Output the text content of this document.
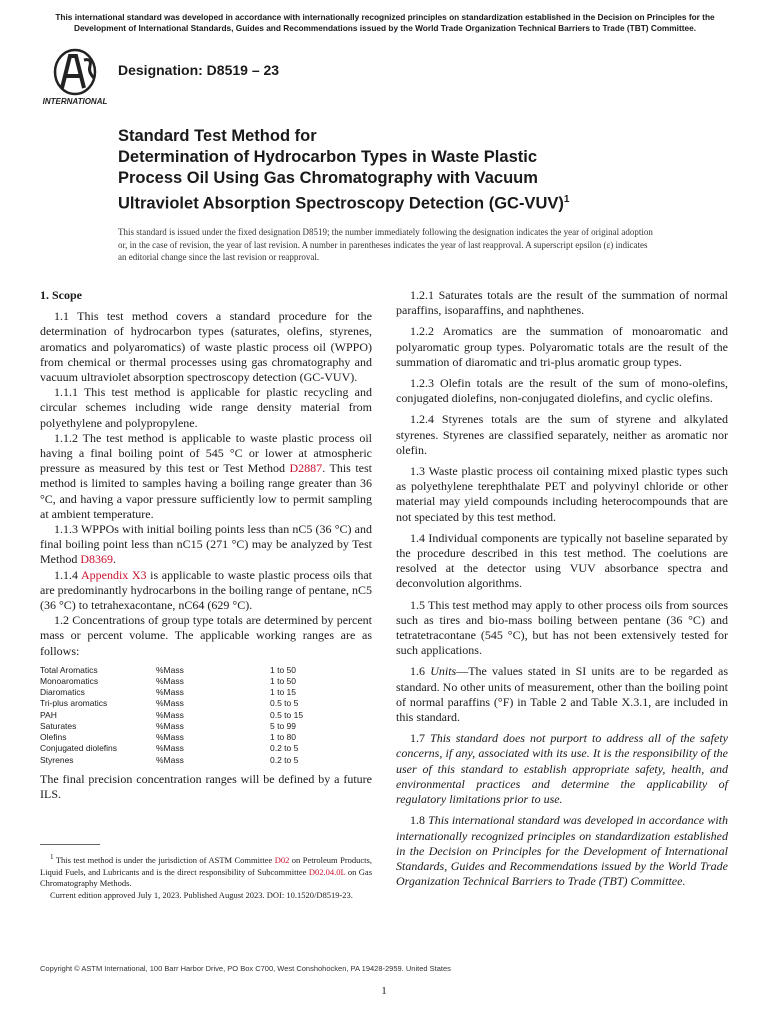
This international standard was developed in accordance with internationally recognized principles on standardization established in the Decision on Principles for the Development of International Standards, Guides and Recommendations issued by the World Trade Organization Technical Barriers to Trade (TBT) Committee.
INTERNATIONAL
Designation: D8519 – 23
Standard Test Method for
Determination of Hydrocarbon Types in Waste Plastic
Process Oil Using Gas Chromatography with Vacuum
Ultraviolet Absorption Spectroscopy Detection $(GC-VUV)^1$
This standard is issued under the fixed designation D8519; the number immediately following the designation indicates the year of original adoption or, in the case of revision, the year of last revision. A number in parentheses indicates the year of last reapproval. A superscript epsilon (ε) indicates an editorial change since the last revision or reapproval.
1. Scope

1.1 This test method covers a standard procedure for the determination of hydrocarbon types (saturates, olefins, styrenes, aromatics and polyaromatics) of waste plastic process oil (WPPO) from chemical or thermal processes using gas chromatography and vacuum ultraviolet absorption spectroscopy detection (GC-VUV).

1.1.1 This test method is applicable for plastic recycling and circular schemes including wide range density material from polyethylene and polypropylene.

1.1.2 The test method is applicable to waste plastic process oil having a final boiling point of 545 °C or lower at atmospheric pressure as measured by this test or Test Method D2887. This test method is limited to samples having a boiling range greater than 36 °C, and having a vapor pressure sufficiently low to permit sampling at ambient temperature.

1.1.3 WPPOs with initial boiling points less than nC5 (36 °C) and final boiling point less than nC15 (271 °C) may be analyzed by Test Method D8369.

1.1.4 Appendix X3 is applicable to waste plastic process oils that are predominantly hydrocarbons in the boiling range of pentane, nC5 (36 °C) to tetrahexacontane, nC64 (629 °C).

1.2 Concentrations of group type totals are determined by percent mass or percent volume. The applicable working ranges are as follows:

Total Aromatics	%Mass	1 to 50
Monoaromatics	%Mass	1 to 50
Diaromatics	%Mass	1 to 15
Tri-plus aromatics	%Mass	0.5 to 5
PAH	%Mass	0.5 to 15
Saturates	%Mass	5 to 99
Olefins	%Mass	1 to 80
Conjugated diolefins	%Mass	0.2 to 5
Styrenes	%Mass	0.2 to 5

The final precision concentration ranges will be defined by a future ILS.

1.2.1 Saturates totals are the result of the summation of normal paraffins, isoparaffins, and naphthenes.

1.2.2 Aromatics are the summation of monoaromatic and polyaromatic group types. Polyaromatic totals are the result of the summation of diaromatic and tri-plus aromatic group types.

1.2.3 Olefin totals are the result of the sum of mono-olefins, conjugated diolefins, non-conjugated diolefins, and cyclic olefins.

1.2.4 Styrenes totals are the sum of styrene and alkylated styrenes. Styrenes are classified separately, neither as aromatic nor olefin.

1.3 Waste plastic process oil containing mixed plastic types such as polyethylene terephthalate PET and polyvinyl chloride or other material may yield compounds including heterocompounds that are not speciated by this test method.

1.4 Individual components are typically not baseline separated by the procedure described in this test method. The coelutions are resolved at the detector using VUV absorbance spectra and deconvolution algorithms.

1.5 This test method may apply to other process oils from sources such as tires and bio-mass boiling between pentane (36 °C) and tetratetracontane (545 °C), but has not been extensively tested for such applications.

1.6 Units—The values stated in SI units are to be regarded as standard. No other units of measurement, other than the boiling point of normal paraffins (°F) in Table 2 and Table X.3.1, are included in this standard.

1.7 This standard does not purport to address all of the safety concerns, if any, associated with its use. It is the responsibility of the user of this standard to establish appropriate safety, health, and environmental practices and determine the applicability of regulatory limitations prior to use.

1.8 This international standard was developed in accordance with internationally recognized principles on standardization established in the Decision on Principles for the Development of International Standards, Guides and Recommendations issued by the World Trade Organization Technical Barriers to Trade (TBT) Committee.

$^1$ This test method is under the jurisdiction of ASTM Committee D02 on Petroleum Products, Liquid Fuels, and Lubricants and is the direct responsibility of Subcommittee D02.04.0L on Gas Chromatography Methods.

Current edition approved July 1, 2023. Published August 2023. DOI: 10.1520/D8519-23.

Copyright © ASTM International, 100 Barr Harbor Drive, PO Box C700, West Conshohocken, PA 19428-2959. United States
1
